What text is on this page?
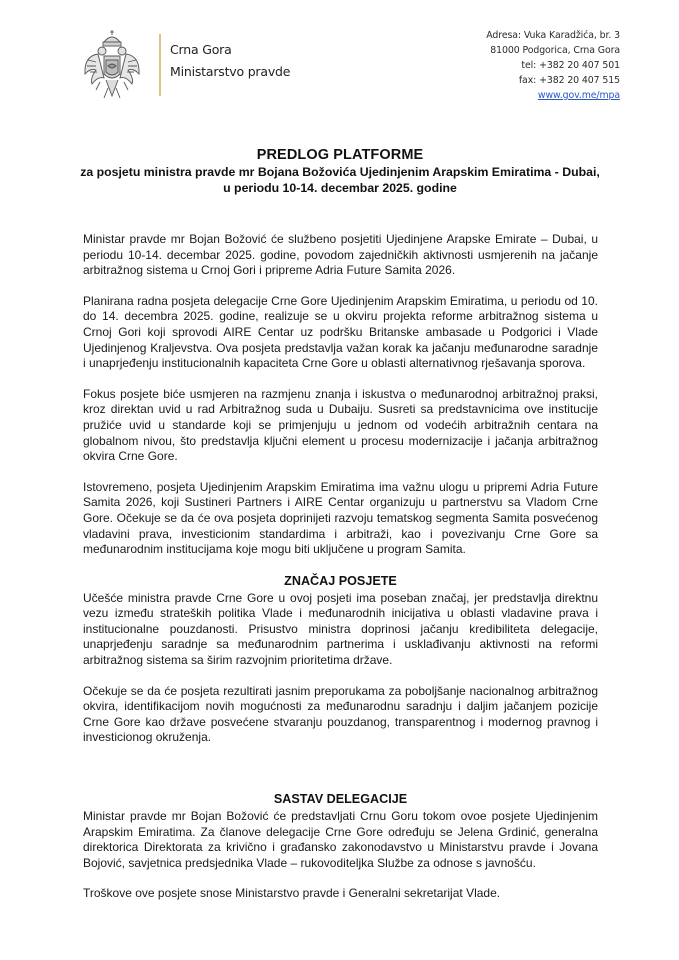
Crna Gora
Ministarstvo pravde
Adresa: Vuka Karadžića, br. 3
81000 Podgorica, Crna Gora
tel: +382 20 407 501
fax: +382 20 407 515
www.gov.me/mpa
PREDLOG PLATFORME
za posjetu ministra pravde mr Bojana Božovića Ujedinjenim Arapskim Emiratima - Dubai,
u periodu 10-14. decembar 2025. godine

Ministar pravde mr Bojan Božović će službeno posjetiti Ujedinjene Arapske Emirate – Dubai, u periodu 10-14. decembar 2025. godine, povodom zajedničkih aktivnosti usmjerenih na jačanje arbitražnog sistema u Crnoj Gori i pripreme Adria Future Samita 2026.

Planirana radna posjeta delegacije Crne Gore Ujedinjenim Arapskim Emiratima, u periodu od 10. do 14. decembra 2025. godine, realizuje se u okviru projekta reforme arbitražnog sistema u Crnoj Gori koji sprovodi AIRE Centar uz podršku Britanske ambasade u Podgorici i Vlade Ujedinjenog Kraljevstva. Ova posjeta predstavlja važan korak ka jačanju međunarodne saradnje i unaprjeđenju institucionalnih kapaciteta Crne Gore u oblasti alternativnog rješavanja sporova.

Fokus posjete biće usmjeren na razmjenu znanja i iskustva o međunarodnoj arbitražnoj praksi, kroz direktan uvid u rad Arbitražnog suda u Dubaiju. Susreti sa predstavnicima ove institucije pružiće uvid u standarde koji se primjenjuju u jednom od vodećih arbitražnih centara na globalnom nivou, što predstavlja ključni element u procesu modernizacije i jačanja arbitražnog okvira Crne Gore.

Istovremeno, posjeta Ujedinjenim Arapskim Emiratima ima važnu ulogu u pripremi Adria Future Samita 2026, koji Sustineri Partners i AIRE Centar organizuju u partnerstvu sa Vladom Crne Gore. Očekuje se da će ova posjeta doprinijeti razvoju tematskog segmenta Samita posvećenog vladavini prava, investicionim standardima i arbitraži, kao i povezivanju Crne Gore sa međunarodnim institucijama koje mogu biti uključene u program Samita.

ZNAČAJ POSJETE

Učešće ministra pravde Crne Gore u ovoj posjeti ima poseban značaj, jer predstavlja direktnu vezu između strateških politika Vlade i međunarodnih inicijativa u oblasti vladavine prava i institucionalne pouzdanosti. Prisustvo ministra doprinosi jačanju kredibiliteta delegacije, unaprjeđenju saradnje sa međunarodnim partnerima i usklađivanju aktivnosti na reformi arbitražnog sistema sa širim razvojnim prioritetima države.

Očekuje se da će posjeta rezultirati jasnim preporukama za poboljšanje nacionalnog arbitražnog okvira, identifikacijom novih mogućnosti za međunarodnu saradnju i daljim jačanjem pozicije Crne Gore kao države posvećene stvaranju pouzdanog, transparentnog i modernog pravnog i investicionog okruženja.

SASTAV DELEGACIJE

Ministar pravde mr Bojan Božović će predstavljati Crnu Goru tokom ovoe posjete Ujedinjenim Arapskim Emiratima. Za članove delegacije Crne Gore određuju se Jelena Grdinić, generalna direktorica Direktorata za krivično i građansko zakonodavstvo u Ministarstvu pravde i Jovana Bojović, savjetnica predsjednika Vlade – rukovoditeljka Službe za odnose s javnošću.

Troškove ove posjete snose Ministarstvo pravde i Generalni sekretarijat Vlade.
